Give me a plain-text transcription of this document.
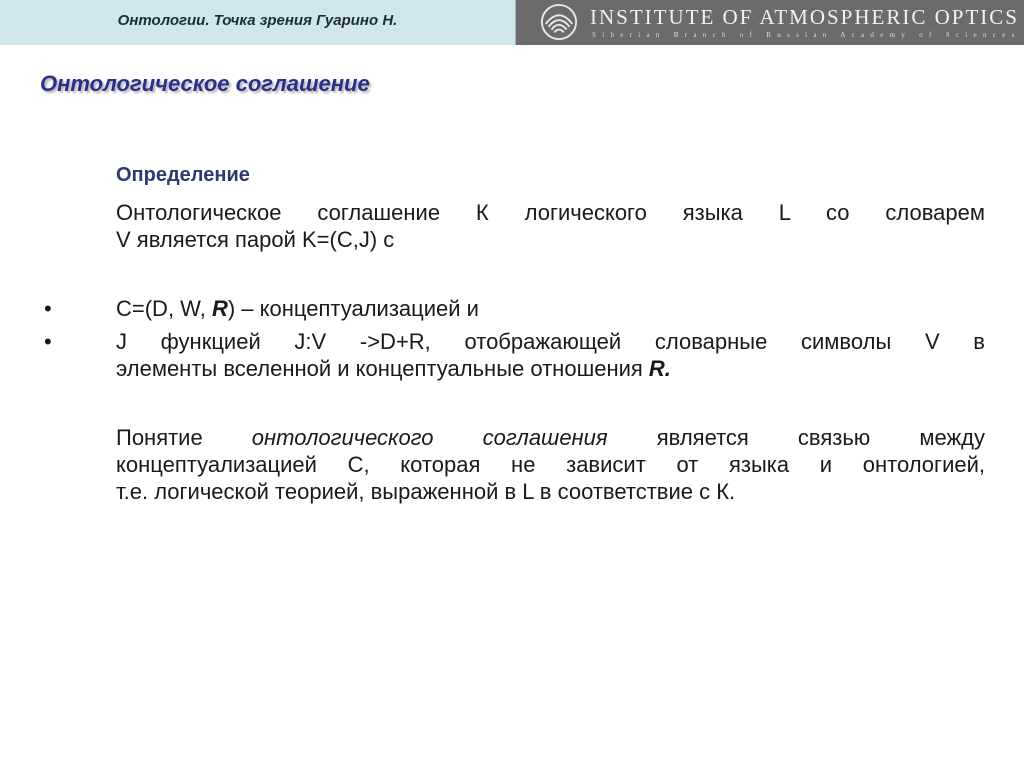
Онтологии. Точка зрения Гуарино Н.	INSTITUTE OF ATMOSPHERIC OPTICS
Siberian Branch of Russian Academy of Sciences
Онтологическое соглашение
Определение
Онтологическое соглашение К логического языка L со словарем
V является парой K=(C,J) с
•	C=(D, W, R) – концептуализацией и
•	J функцией J:V ->D+R, отображающей словарные символы V в
элементы вселенной и концептуальные отношения R.
Понятие онтологического соглашения является связью между
концептуализацией С, которая не зависит от языка и онтологией,
т.е. логической теорией, выраженной в L в соответствие с К.
